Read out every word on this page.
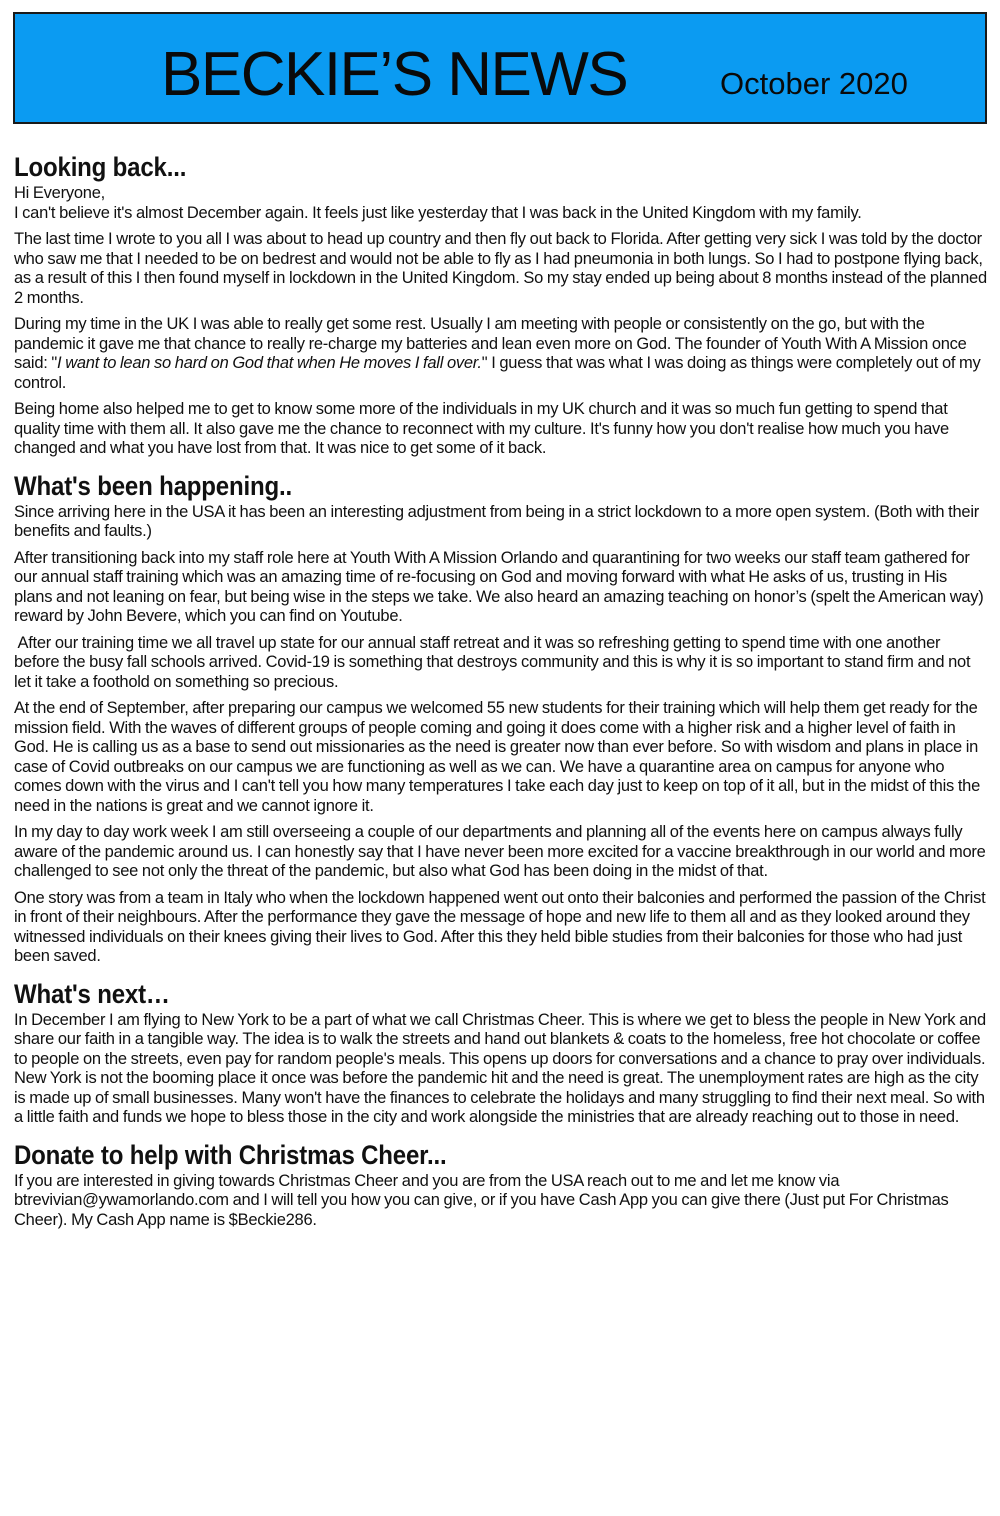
BECKIE’S NEWS	October 2020
Looking back...

Hi Everyone,

I can't believe it's almost December again. It feels just like yesterday that I was back in the United Kingdom with my family.

The last time I wrote to you all I was about to head up country and then fly out back to Florida. After getting very sick I was told by the doctor who saw me that I needed to be on bedrest and would not be able to fly as I had pneumonia in both lungs. So I had to postpone flying back, as a result of this I then found myself in lockdown in the United Kingdom. So my stay ended up being about 8 months instead of the planned 2 months.

During my time in the UK I was able to really get some rest. Usually I am meeting with people or consistently on the go, but with the pandemic it gave me that chance to really re-charge my batteries and lean even more on God. The founder of Youth With A Mission once said: "I want to lean so hard on God that when He moves I fall over." I guess that was what I was doing as things were completely out of my control.

Being home also helped me to get to know some more of the individuals in my UK church and it was so much fun getting to spend that quality time with them all. It also gave me the chance to reconnect with my culture. It's funny how you don't realise how much you have changed and what you have lost from that. It was nice to get some of it back.

What's been happening..

Since arriving here in the USA it has been an interesting adjustment from being in a strict lockdown to a more open system. (Both with their benefits and faults.)

After transitioning back into my staff role here at Youth With A Mission Orlando and quarantining for two weeks our staff team gathered for our annual staff training which was an amazing time of re-focusing on God and moving forward with what He asks of us, trusting in His plans and not leaning on fear, but being wise in the steps we take. We also heard an amazing teaching on honor’s (spelt the American way) reward by John Bevere, which you can find on Youtube.

After our training time we all travel up state for our annual staff retreat and it was so refreshing getting to spend time with one another before the busy fall schools arrived. Covid-19 is something that destroys community and this is why it is so important to stand firm and not let it take a foothold on something so precious.

At the end of September, after preparing our campus we welcomed 55 new students for their training which will help them get ready for the mission field. With the waves of different groups of people coming and going it does come with a higher risk and a higher level of faith in God. He is calling us as a base to send out missionaries as the need is greater now than ever before. So with wisdom and plans in place in case of Covid outbreaks on our campus we are functioning as well as we can. We have a quarantine area on campus for anyone who comes down with the virus and I can't tell you how many temperatures I take each day just to keep on top of it all, but in the midst of this the need in the nations is great and we cannot ignore it.

In my day to day work week I am still overseeing a couple of our departments and planning all of the events here on campus always fully aware of the pandemic around us. I can honestly say that I have never been more excited for a vaccine breakthrough in our world and more challenged to see not only the threat of the pandemic, but also what God has been doing in the midst of that.

One story was from a team in Italy who when the lockdown happened went out onto their balconies and performed the passion of the Christ in front of their neighbours. After the performance they gave the message of hope and new life to them all and as they looked around they witnessed individuals on their knees giving their lives to God. After this they held bible studies from their balconies for those who had just been saved.

What's next…

In December I am flying to New York to be a part of what we call Christmas Cheer. This is where we get to bless the people in New York and share our faith in a tangible way. The idea is to walk the streets and hand out blankets & coats to the homeless, free hot chocolate or coffee to people on the streets, even pay for random people's meals. This opens up doors for conversations and a chance to pray over individuals. New York is not the booming place it once was before the pandemic hit and the need is great. The unemployment rates are high as the city is made up of small businesses. Many won't have the finances to celebrate the holidays and many struggling to find their next meal. So with a little faith and funds we hope to bless those in the city and work alongside the ministries that are already reaching out to those in need.

Donate to help with Christmas Cheer...

If you are interested in giving towards Christmas Cheer and you are from the USA reach out to me and let me know via btrevivian@ywamorlando.com and I will tell you how you can give, or if you have Cash App you can give there (Just put For Christmas Cheer). My Cash App name is $Beckie286.
